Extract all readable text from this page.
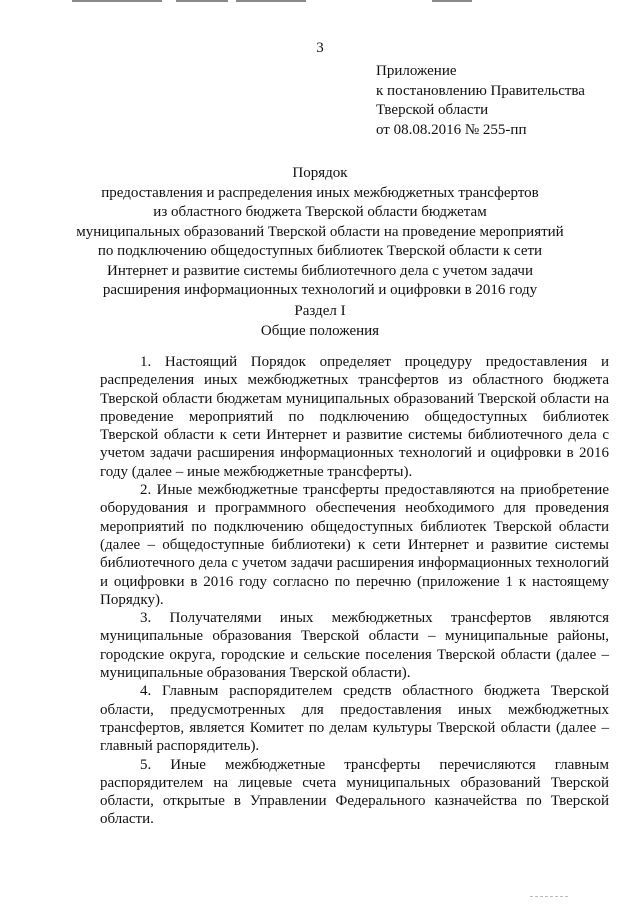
3
Приложение
к постановлению Правительства
Тверской области
от 08.08.2016 № 255-пп
Порядок
предоставления и распределения иных межбюджетных трансфертов
из областного бюджета Тверской области бюджетам
муниципальных образований Тверской области на проведение мероприятий
по подключению общедоступных библиотек Тверской области к сети
Интернет и развитие системы библиотечного дела с учетом задачи
расширения информационных технологий и оцифровки в 2016 году
Раздел I
Общие положения

1. Настоящий Порядок определяет процедуру предоставления и распределения иных межбюджетных трансфертов из областного бюджета Тверской области бюджетам муниципальных образований Тверской области на проведение мероприятий по подключению общедоступных библиотек Тверской области к сети Интернет и развитие системы библиотечного дела с учетом задачи расширения информационных технологий и оцифровки в 2016 году (далее – иные межбюджетные трансферты).

2. Иные межбюджетные трансферты предоставляются на приобретение оборудования и программного обеспечения необходимого для проведения мероприятий по подключению общедоступных библиотек Тверской области (далее – общедоступные библиотеки) к сети Интернет и развитие системы библиотечного дела с учетом задачи расширения информационных технологий и оцифровки в 2016 году согласно по перечню (приложение 1 к настоящему Порядку).

3. Получателями иных межбюджетных трансфертов являются муниципальные образования Тверской области – муниципальные районы, городские округа, городские и сельские поселения Тверской области (далее – муниципальные образования Тверской области).

4. Главным распорядителем средств областного бюджета Тверской области, предусмотренных для предоставления иных межбюджетных трансфертов, является Комитет по делам культуры Тверской области (далее – главный распорядитель).

5. Иные межбюджетные трансферты перечисляются главным распорядителем на лицевые счета муниципальных образований Тверской области, открытые в Управлении Федерального казначейства по Тверской области.
